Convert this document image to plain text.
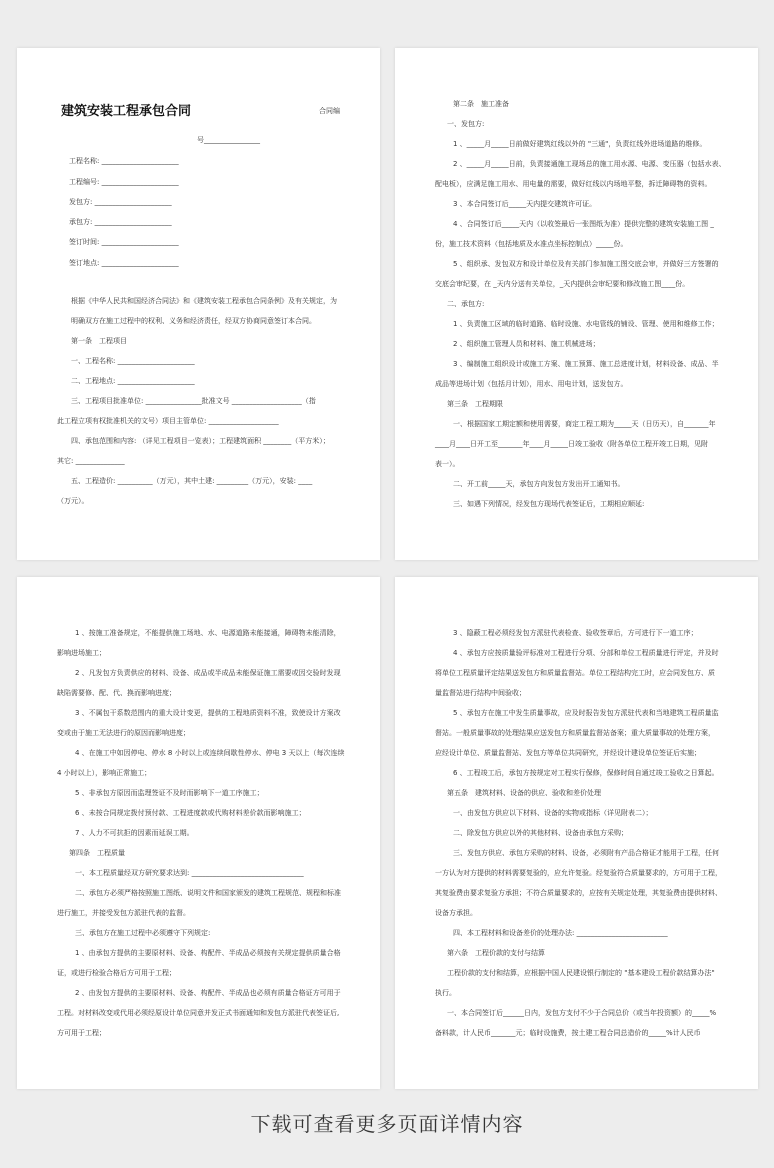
建筑安装工程承包合同	合同编
号________________
工程名称: ______________________
工程编号: ______________________
发包方: ______________________
承包方: ______________________
签订时间: ______________________
签订地点: ______________________
根据《中华人民共和国经济合同法》和《建筑安装工程承包合同条例》及有关规定，为
明确双方在施工过程中的权利、义务和经济责任，经双方协商同意签订本合同。
第一条　工程项目
一、工程名称: ______________________
二、工程地点: ______________________
三、工程项目批准单位: ________________批准文号 ____________________（指
此工程立项有权批准机关的文号）项目主管单位: ____________________
四、承包范围和内容: （详见工程项目一览表）；工程建筑面积 ________（平方米）；
其它: ______________
五、工程造价: __________（万元），其中土建: _________（万元），安装: ____
（万元）。
第二条　施工准备
一、发包方:
1 、_____月_____日前做好建筑红线以外的 "三通"，负责红线外进场道路的维修。
2 、_____月_____日前，负责接通施工现场总的施工用水源、电源、变压器（包括水表、
配电板），应满足施工用水、用电量的需要，做好红线以内场地平整，拆迁障碍物的资料。
3 、本合同签订后_____天内提交建筑许可证。
4 、合同签订后_____天内（以收签最后一张图纸为准）提供完整的建筑安装施工图 _
份，施工技术资料（包括地质及水准点坐标控制点）_____份。
5 、组织承、发包双方和设计单位及有关部门参加施工图交底会审，并做好三方签署的
交底会审纪要，在 _天内分送有关单位，_天内提供会审纪要和修改施工图____份。
二、承包方:
1 、负责施工区域的临时道路、临时设施、水电管线的铺设、管理、使用和维修工作；
2 、组织施工管理人员和材料、施工机械进场；
3 、编制施工组织设计或施工方案、施工预算、施工总进度计划，材料设备、成品、半
成品等进场计划（包括月计划），用水、用电计划，送发包方。
第三条　工程期限
一、根据国家工期定额和使用需要，商定工程工期为_____天（日历天），自_______年
____月____日开工至_______年____月_____日竣工验收（附各单位工程开竣工日期，见附
表一）。
二、开工前_____天，承包方向发包方发出开工通知书。
三、如遇下列情况，经发包方现场代表签证后，工期相应顺延:
1 、按施工准备规定，不能提供施工场地、水、电源道路未能接通，障碍物未能清除，
影响进场施工；
2 、凡发包方负责供应的材料、设备、成品或半成品未能保证施工需要或因交验时发现
缺陷需要修、配、代、换而影响进度；
3 、不属包干系数范围内的重大设计变更，提供的工程地质资料不准，致使设计方案改
变或由于施工无法进行的原因而影响进度；
4 、在施工中如因停电、停水 8 小时以上或连续间歇性停水、停电 3 天以上（每次连续
4 小时以上），影响正常施工；
5 、非承包方原因而监理签证不及时而影响下一道工序施工；
6 、未按合同规定拨付预付款、工程进度款或代购材料差价款而影响施工；
7 、人力不可抗拒的因素而延误工期。
第四条　工程质量
一、本工程质量经双方研究要求达到: ________________________________
二、承包方必须严格按照施工图纸、说明文件和国家颁发的建筑工程规范、规程和标准
进行施工，并接受发包方派驻代表的监督。
三、承包方在施工过程中必须遵守下列规定:
1 、由承包方提供的主要原材料、设备、构配件、半成品必须按有关规定提供质量合格
证，或进行检验合格后方可用于工程；
2 、由发包方提供的主要原材料、设备、构配件、半成品也必须有质量合格证方可用于
工程。对材料改变或代用必须经原设计单位同意并发正式书面通知和发包方派驻代表签证后,
方可用于工程；
3 、隐蔽工程必须经发包方派驻代表检查、验收签章后，方可进行下一道工序；
4 、承包方应按质量验评标准对工程进行分项、分部和单位工程质量进行评定，并及时
将单位工程质量评定结果送发包方和质量监督站。单位工程结构完工时，应会同发包方、质
量监督站进行结构中间验收；
5 、承包方在施工中发生质量事故，应及时报告发包方派驻代表和当地建筑工程质量监
督站。一般质量事故的处理结果应送发包方和质量监督站备案；重大质量事故的处理方案，
应经设计单位、质量监督站、发包方等单位共同研究，并经设计建设单位签证后实施；
6 、工程竣工后，承包方按规定对工程实行保修，保修时间自通过竣工验收之日算起。
第五条　建筑材料、设备的供应、验收和差价处理
一、由发包方供应以下材料、设备的实物或指标（详见附表二）；
二、除发包方供应以外的其他材料、设备由承包方采购；
三、发包方供应、承包方采购的材料、设备，必须附有产品合格证才能用于工程，任何
一方认为对方提供的材料需要复验的，应允许复验。经复验符合质量要求的，方可用于工程，
其复验费由要求复验方承担；不符合质量要求的，应按有关规定处理，其复验费由提供材料、
设备方承担。
四、本工程材料和设备差价的处理办法: __________________________
第六条　工程价款的支付与结算
工程价款的支付和结算，应根据中国人民建设银行制定的 "基本建设工程价款结算办法"
执行。
一、本合同签订后______日内，发包方支付不少于合同总价（或当年投资额）的_____%
备料款，计人民币_______元；临时设施费，按土建工程合同总造价的_____%计人民币
下载可查看更多页面详情内容
